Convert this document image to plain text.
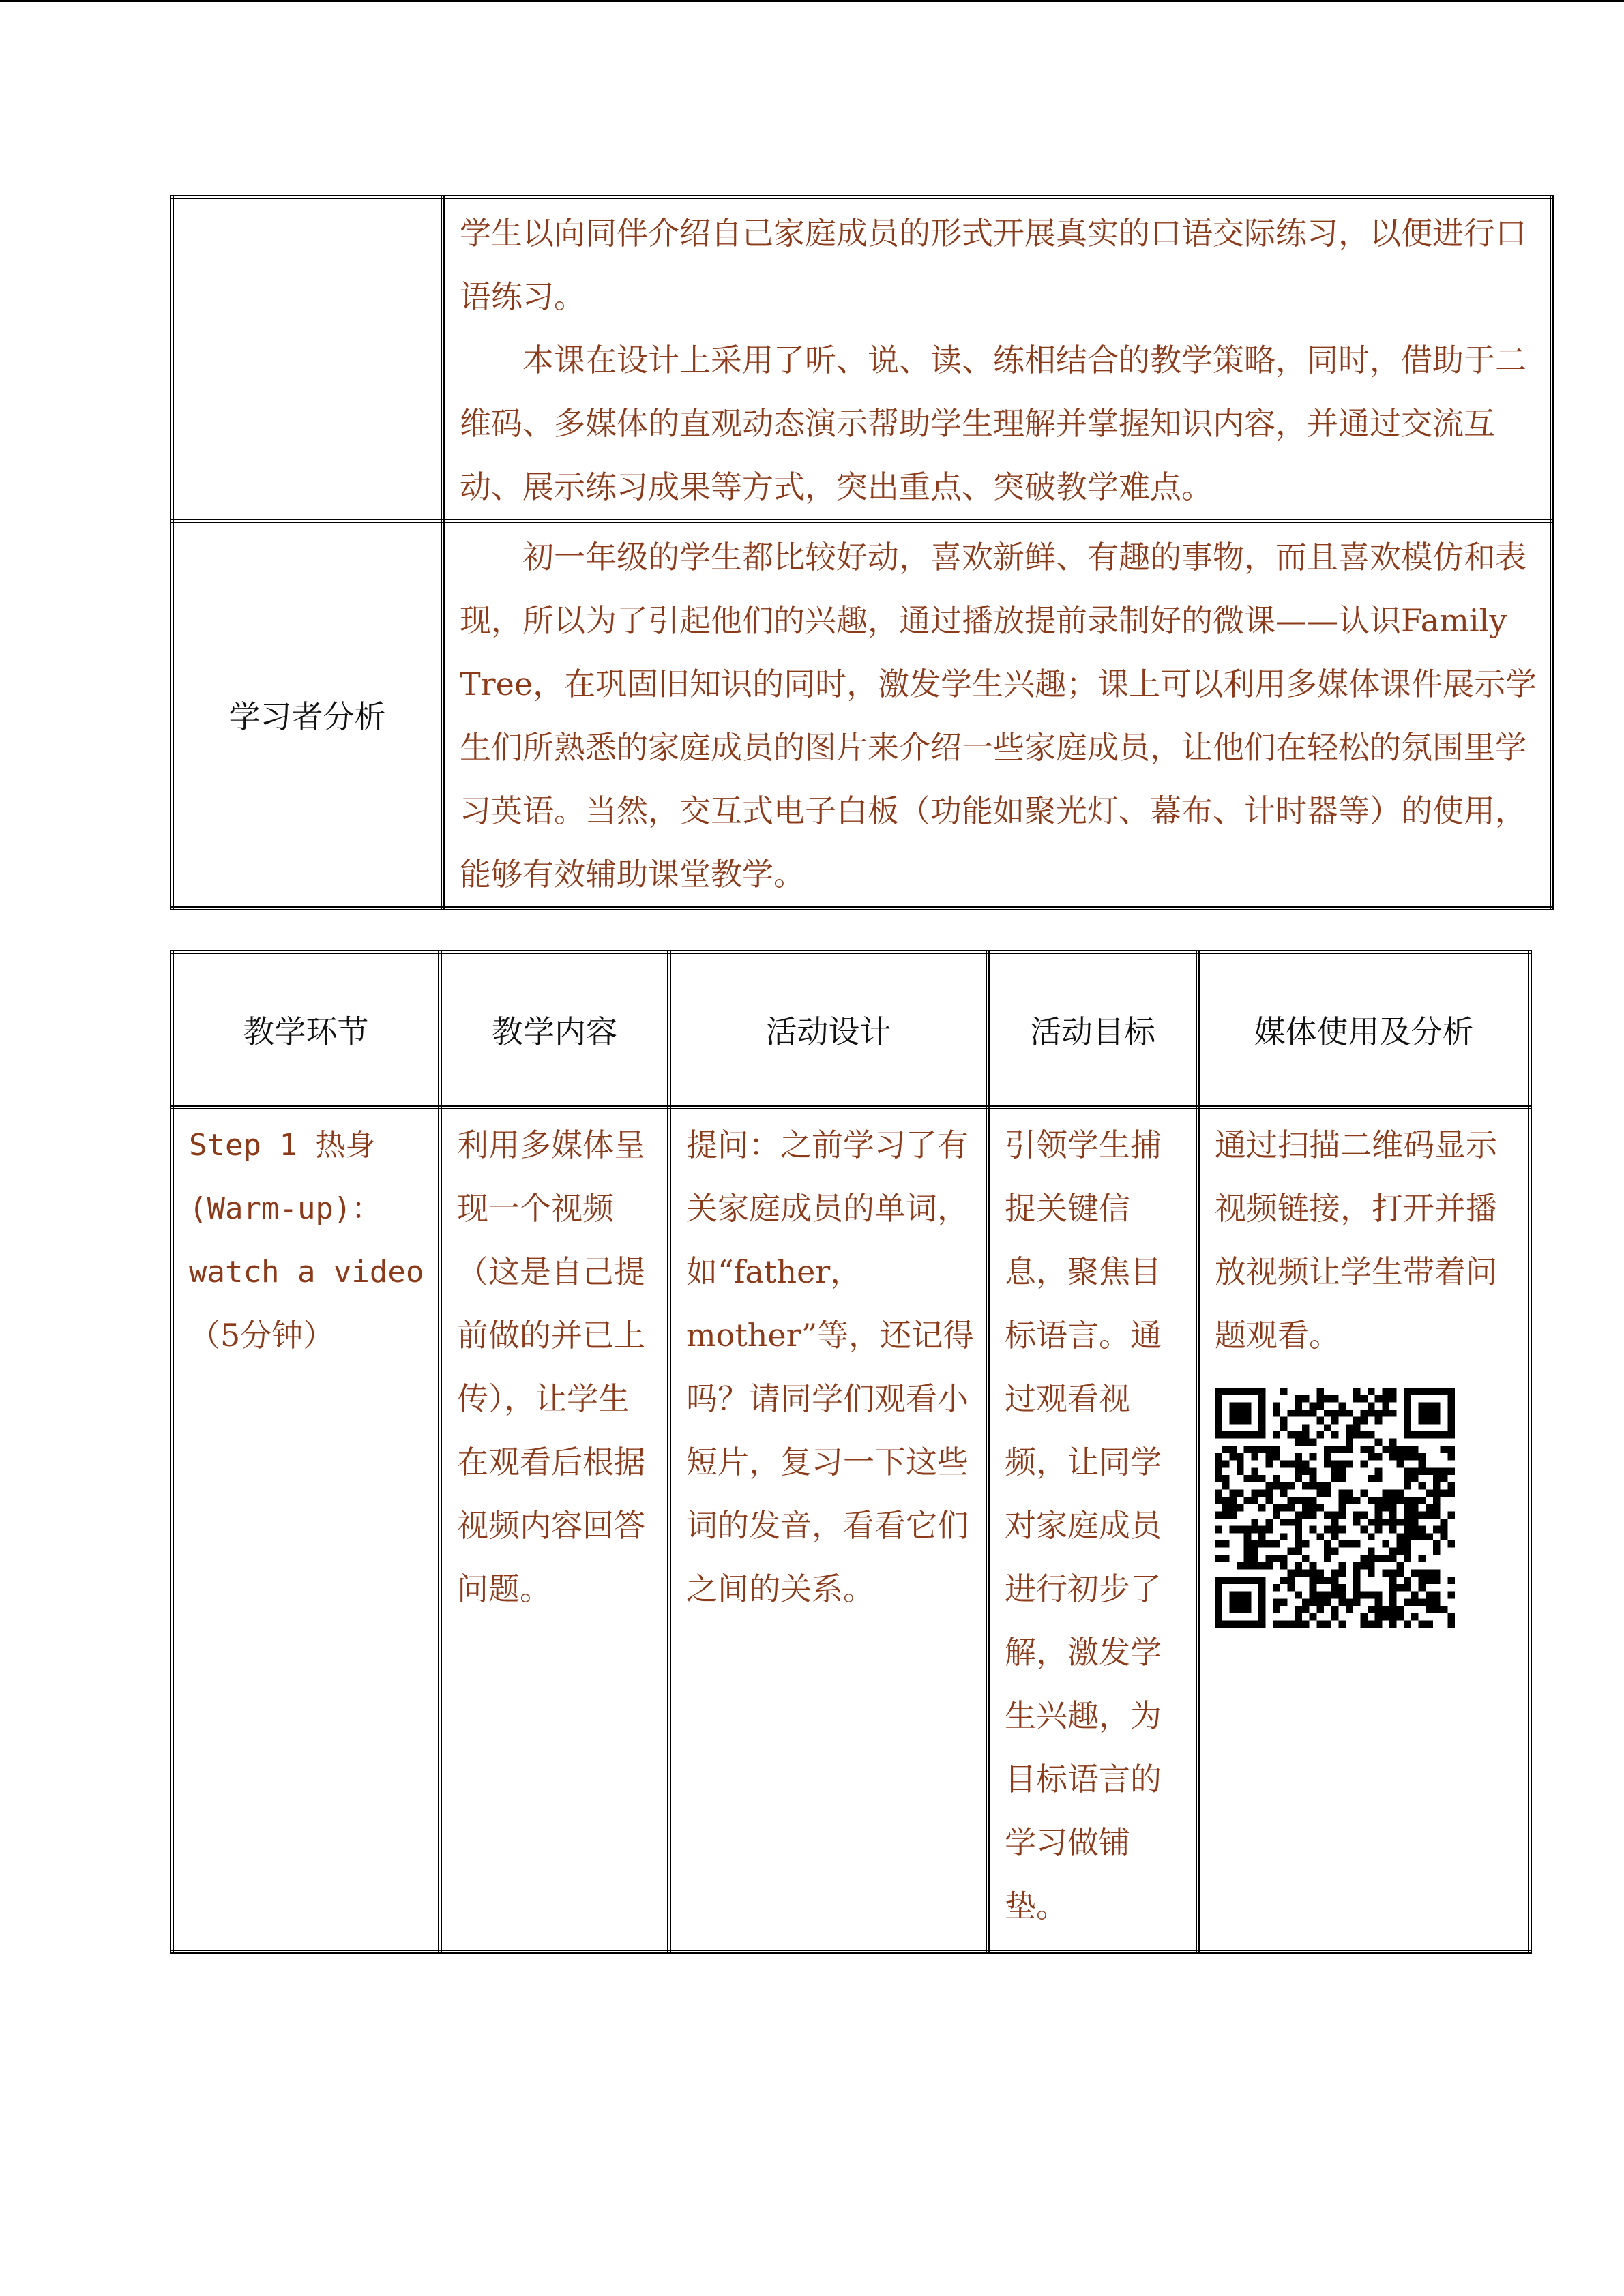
	学生以向同伴介绍自己家庭成员的形式开展真实的口语交际练习，以便进行口语练习。

本课在设计上采用了听、说、读、练相结合的教学策略，同时，借助于二维码、多媒体的直观动态演示帮助学生理解并掌握知识内容，并通过交流互动、展示练习成果等方式，突出重点、突破教学难点。

学习者分析	初一年级的学生都比较好动，喜欢新鲜、有趣的事物，而且喜欢模仿和表现，所以为了引起他们的兴趣，通过播放提前录制好的微课——认识Family Tree，在巩固旧知识的同时，激发学生兴趣；课上可以利用多媒体课件展示学生们所熟悉的家庭成员的图片来介绍一些家庭成员，让他们在轻松的氛围里学习英语。当然，交互式电子白板（功能如聚光灯、幕布、计时器等）的使用，能够有效辅助课堂教学。

教学环节	教学内容	活动设计	活动目标	媒体使用及分析

Step 1 热身
(Warm-up)：
watch a video
（5分钟）	利用多媒体呈现一个视频（这是自己提前做的并已上传），让学生在观看后根据视频内容回答问题。	提问：之前学习了有关家庭成员的单词，如“father，mother”等，还记得吗？请同学们观看小短片，复习一下这些词的发音，看看它们之间的关系。	引领学生捕捉关键信息，聚焦目标语言。通过观看视频，让同学对家庭成员进行初步了解，激发学生兴趣，为目标语言的学习做铺垫。	通过扫描二维码显示视频链接，打开并播放视频让学生带着问题观看。
